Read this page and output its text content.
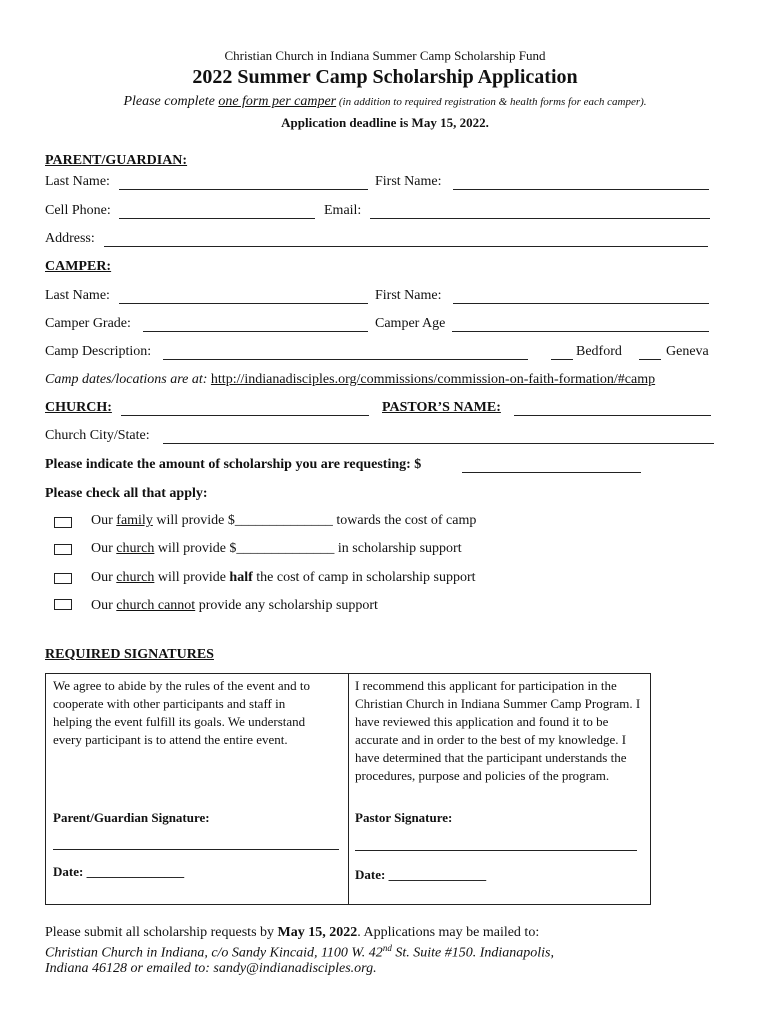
Christian Church in Indiana Summer Camp Scholarship Fund
2022 Summer Camp Scholarship Application
Please complete one form per camper (in addition to required registration & health forms for each camper).
Application deadline is May 15, 2022.
PARENT/GUARDIAN:
Last Name:	First Name:
Cell Phone:	Email:
Address:
CAMPER:
Last Name:	First Name:
Camper Grade:	Camper Age
Camp Description:	Bedford	Geneva
Camp dates/locations are at: http://indianadisciples.org/commissions/commission-on-faith-formation/#camp
CHURCH:	PASTOR’S NAME:
Church City/State:
Please indicate the amount of scholarship you are requesting: $
Please check all that apply:
Our family will provide $______________ towards the cost of camp
Our church will provide $______________ in scholarship support
Our church will provide half the cost of camp in scholarship support
Our church cannot provide any scholarship support
REQUIRED SIGNATURES
We agree to abide by the rules of the event and to cooperate with other participants and staff in helping the event fulfill its goals. We understand every participant is to attend the entire event.
Parent/Guardian Signature:
Date: _______________
I recommend this applicant for participation in the Christian Church in Indiana Summer Camp Program. I have reviewed this application and found it to be accurate and in order to the best of my knowledge. I have determined that the participant understands the procedures, purpose and policies of the program.
Pastor Signature:
Date: _______________
Please submit all scholarship requests by May 15, 2022. Applications may be mailed to:
Christian Church in Indiana, c/o Sandy Kincaid, 1100 W. 42nd St. Suite #150. Indianapolis,
Indiana 46128 or emailed to: sandy@indianadisciples.org.
